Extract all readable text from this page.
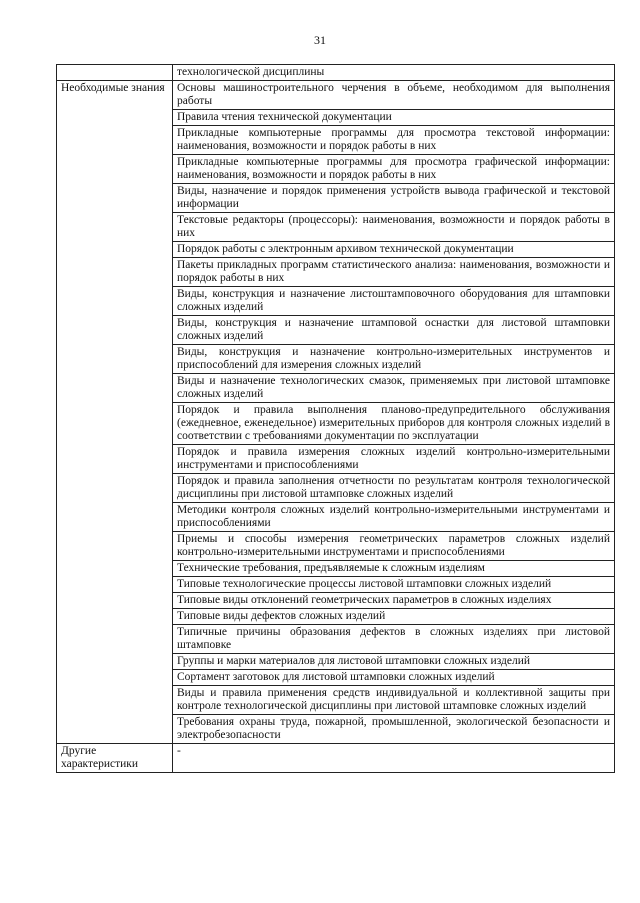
31
	технологической дисциплины
Необходимые знания	Основы машиностроительного черчения в объеме, необходимом для выполнения работы
	Правила чтения технической документации
	Прикладные компьютерные программы для просмотра текстовой информации: наименования, возможности и порядок работы в них
	Прикладные компьютерные программы для просмотра графической информации: наименования, возможности и порядок работы в них
	Виды, назначение и порядок применения устройств вывода графической и текстовой информации
	Текстовые редакторы (процессоры): наименования, возможности и порядок работы в них
	Порядок работы с электронным архивом технической документации
	Пакеты прикладных программ статистического анализа: наименования, возможности и порядок работы в них
	Виды, конструкция и назначение листоштамповочного оборудования для штамповки сложных изделий
	Виды, конструкция и назначение штамповой оснастки для листовой штамповки сложных изделий
	Виды, конструкция и назначение контрольно-измерительных инструментов и приспособлений для измерения сложных изделий
	Виды и назначение технологических смазок, применяемых при листовой штамповке сложных изделий
	Порядок и правила выполнения планово-предупредительного обслуживания (ежедневное, еженедельное) измерительных приборов для контроля сложных изделий в соответствии с требованиями документации по эксплуатации
	Порядок и правила измерения сложных изделий контрольно-измерительными инструментами и приспособлениями
	Порядок и правила заполнения отчетности по результатам контроля технологической дисциплины при листовой штамповке сложных изделий
	Методики контроля сложных изделий контрольно-измерительными инструментами и приспособлениями
	Приемы и способы измерения геометрических параметров сложных изделий контрольно-измерительными инструментами и приспособлениями
	Технические требования, предъявляемые к сложным изделиям
	Типовые технологические процессы листовой штамповки сложных изделий
	Типовые виды отклонений геометрических параметров в сложных изделиях
	Типовые виды дефектов сложных изделий
	Типичные причины образования дефектов в сложных изделиях при листовой штамповке
	Группы и марки материалов для листовой штамповки сложных изделий
	Сортамент заготовок для листовой штамповки сложных изделий
	Виды и правила применения средств индивидуальной и коллективной защиты при контроле технологической дисциплины при листовой штамповке сложных изделий
	Требования охраны труда, пожарной, промышленной, экологической безопасности и электробезопасности
Другие характеристики	-
